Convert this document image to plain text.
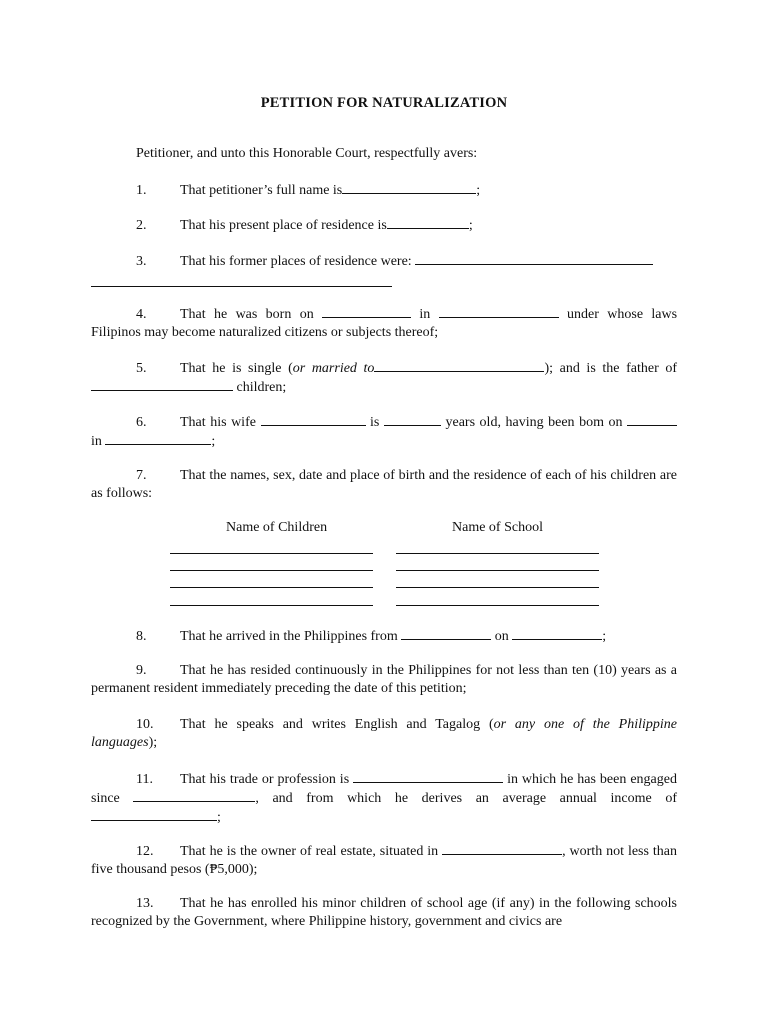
PETITION FOR NATURALIZATION
Petitioner, and unto this Honorable Court, respectfully avers:
1. That petitioner’s full name is	;
2. That his present place of residence is	;
3. That his former places of residence were:
4. That he was born on	in	under whose laws Filipinos may become naturalized citizens or subjects thereof;
5. That he is single (or married to	); and is the father of  children;
6. That his wife	is	years old, having been bom on  in	;
7. That the names, sex, date and place of birth and the residence of each of his children are as follows:
Name of Children	Name of School
8. That he arrived in the Philippines from	on	;
9. That he has resided continuously in the Philippines for not less than ten (10) years as a permanent resident immediately preceding the date of this petition;
10. That he speaks and writes English and Tagalog (or any one of the Philippine languages);
11. That his trade or profession is	in which he has been engaged since	, and from which he derives an average annual income of ;
12. That he is the owner of real estate, situated in	, worth not less than five thousand pesos (₱5,000);
13. That he has enrolled his minor children of school age (if any) in the following schools recognized by the Government, where Philippine history, government and civics are
